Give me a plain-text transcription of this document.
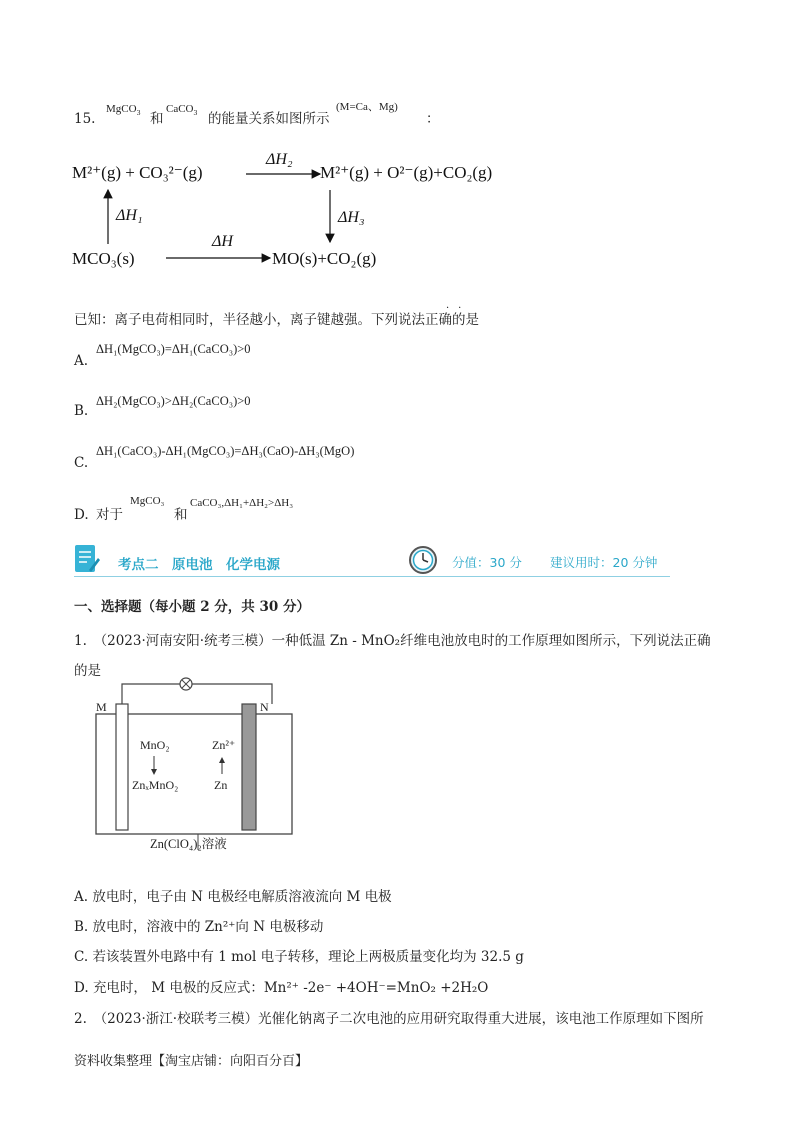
15.
MgCO$_3$ 和
CaCO$_3$ 的能量关系如图所示
(M=Ca、Mg)
：
M²⁺(g) + CO₃²⁻(g)
ΔH₂
M²⁺(g) + O²⁻(g)+CO₂(g)
ΔH₁	ΔH₃
MCO₃(s)
ΔH
MO(s)+CO₂(g)
已知：离子电荷相同时，半径越小，离子键越强。下列说法正确的是
··
A.
ΔH₁(MgCO₃)=ΔH₁(CaCO₃)>0
B.
ΔH₂(MgCO₃)>ΔH₂(CaCO₃)>0
C.
ΔH₁(CaCO₃)-ΔH₁(MgCO₃)=ΔH₃(CaO)-ΔH₃(MgO)
D. 对于
MgCO₃
和
CaCO₃,ΔH₁+ΔH₂>ΔH₃
考点二　原电池　化学电源	分值：30 分 建议用时：20 分钟
一、选择题（每小题 2 分，共 30 分）
1.　（2023·河南安阳·统考三模）一种低温 Zn - MnO₂纤维电池放电时的工作原理如图所示，下列说法正确
的是
M	N
MnO₂
ZnₓMnO₂
Zn²⁺
Zn
Zn(ClO₄)₂溶液
A. 放电时，电子由 N 电极经电解质溶液流向 M 电极
B. 放电时，溶液中的 Zn²⁺向 N 电极移动
C. 若该装置外电路中有 1 mol 电子转移，理论上两极质量变化均为 32.5 g
D. 充电时， M 电极的反应式：Mn²⁺ -2e⁻ +4OH⁻=MnO₂ +2H₂O
2.　（2023·浙江·校联考三模）光催化钠离子二次电池的应用研究取得重大进展，该电池工作原理如下图所
资料收集整理【淘宝店铺：向阳百分百】
